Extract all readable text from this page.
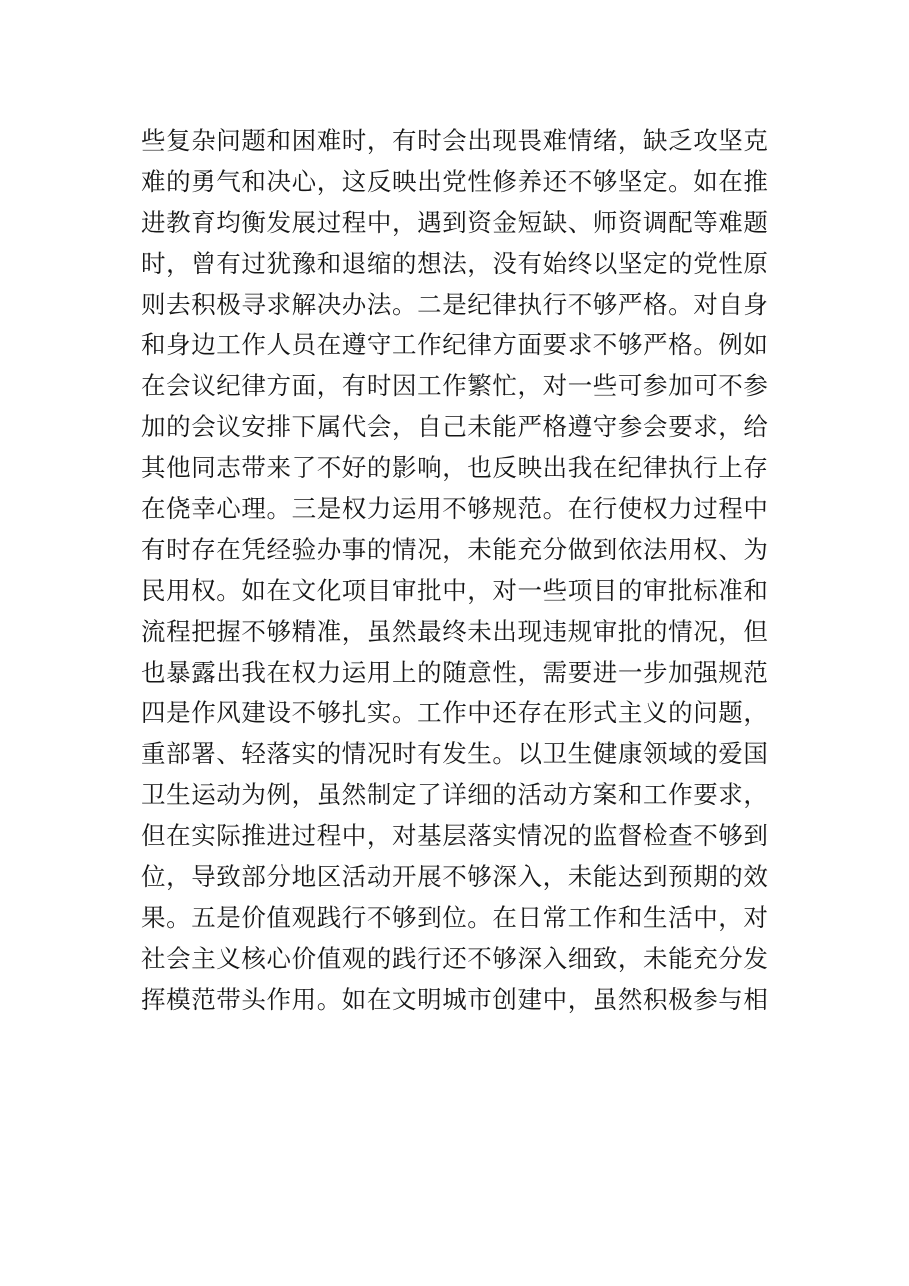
些复杂问题和困难时，有时会出现畏难情绪，缺乏攻坚克
难的勇气和决心，这反映出党性修养还不够坚定。如在推
进教育均衡发展过程中，遇到资金短缺、师资调配等难题
时，曾有过犹豫和退缩的想法，没有始终以坚定的党性原
则去积极寻求解决办法。二是纪律执行不够严格。对自身
和身边工作人员在遵守工作纪律方面要求不够严格。例如
在会议纪律方面，有时因工作繁忙，对一些可参加可不参
加的会议安排下属代会，自己未能严格遵守参会要求，给
其他同志带来了不好的影响，也反映出我在纪律执行上存
在侥幸心理。三是权力运用不够规范。在行使权力过程中
有时存在凭经验办事的情况，未能充分做到依法用权、为
民用权。如在文化项目审批中，对一些项目的审批标准和
流程把握不够精准，虽然最终未出现违规审批的情况，但
也暴露出我在权力运用上的随意性，需要进一步加强规范
四是作风建设不够扎实。工作中还存在形式主义的问题，
重部署、轻落实的情况时有发生。以卫生健康领域的爱国
卫生运动为例，虽然制定了详细的活动方案和工作要求，
但在实际推进过程中，对基层落实情况的监督检查不够到
位，导致部分地区活动开展不够深入，未能达到预期的效
果。五是价值观践行不够到位。在日常工作和生活中，对
社会主义核心价值观的践行还不够深入细致，未能充分发
挥模范带头作用。如在文明城市创建中，虽然积极参与相
